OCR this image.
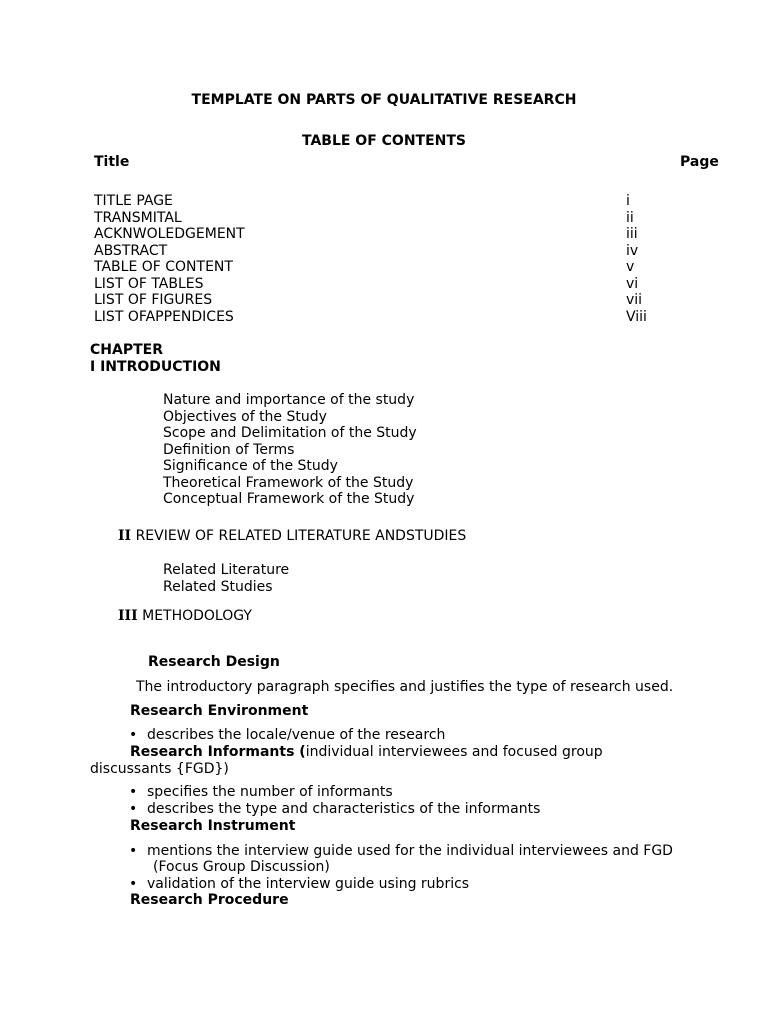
TEMPLATE ON PARTS OF QUALITATIVE RESEARCH
TABLE OF CONTENTS
Title	Page
TITLE PAGE
TRANSMITAL
ACKNWOLEDGEMENT
ABSTRACT
TABLE OF CONTENT
LIST OF TABLES
LIST OF FIGURES
LIST OFAPPENDICES
i
ii
iii
iv
v
vi
vii
Viii
CHAPTER
I INTRODUCTION
Nature and importance of the study
Objectives of the Study
Scope and Delimitation of the Study
Definition of Terms
Significance of the Study
Theoretical Framework of the Study
Conceptual Framework of the Study
II REVIEW OF RELATED LITERATURE ANDSTUDIES
Related Literature
Related Studies
III METHODOLOGY
Research Design
The introductory paragraph specifies and justifies the type of research used.
Research Environment
• describes the locale/venue of the research
Research Informants (individual interviewees and focused group
discussants {FGD})
• specifies the number of informants
• describes the type and characteristics of the informants
Research Instrument
• mentions the interview guide used for the individual interviewees and FGD
(Focus Group Discussion)
• validation of the interview guide using rubrics
Research Procedure
